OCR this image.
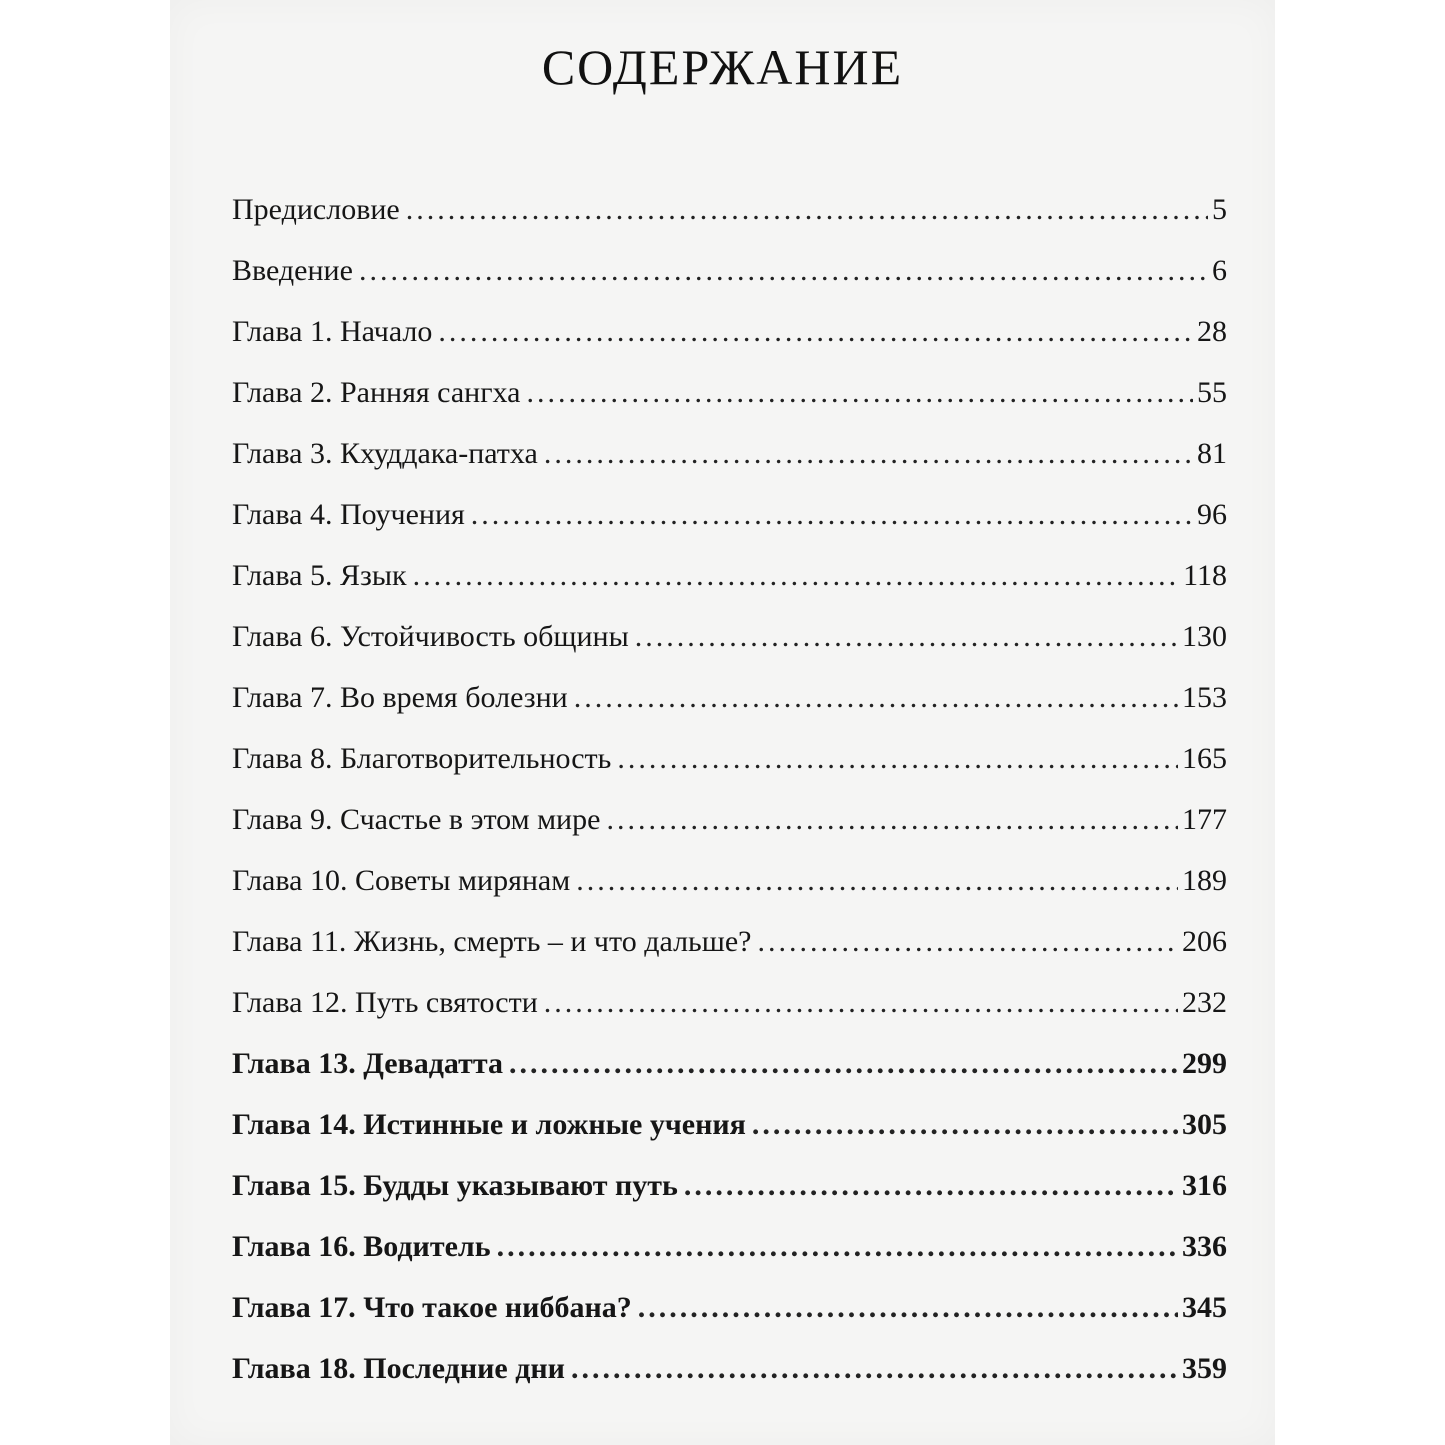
СОДЕРЖАНИЕ
Предисловие .....	5
Введение .....	6
Глава 1. Начало .....	28
Глава 2. Ранняя сангха .....	55
Глава 3. Кхуддака-патха .....	81
Глава 4. Поучения .....	96
Глава 5. Язык .....	118
Глава 6. Устойчивость общины .....	130
Глава 7. Во время болезни .....	153
Глава 8. Благотворительность .....	165
Глава 9. Счастье в этом мире .....	177
Глава 10. Советы мирянам .....	189
Глава 11. Жизнь, смерть – и что дальше? .....	206
Глава 12. Путь святости .....	232
Глава 13. Девадатта .....	299
Глава 14. Истинные и ложные учения .....	305
Глава 15. Будды указывают путь .....	316
Глава 16. Водитель .....	336
Глава 17. Что такое ниббана? .....	345
Глава 18. Последние дни .....	359
